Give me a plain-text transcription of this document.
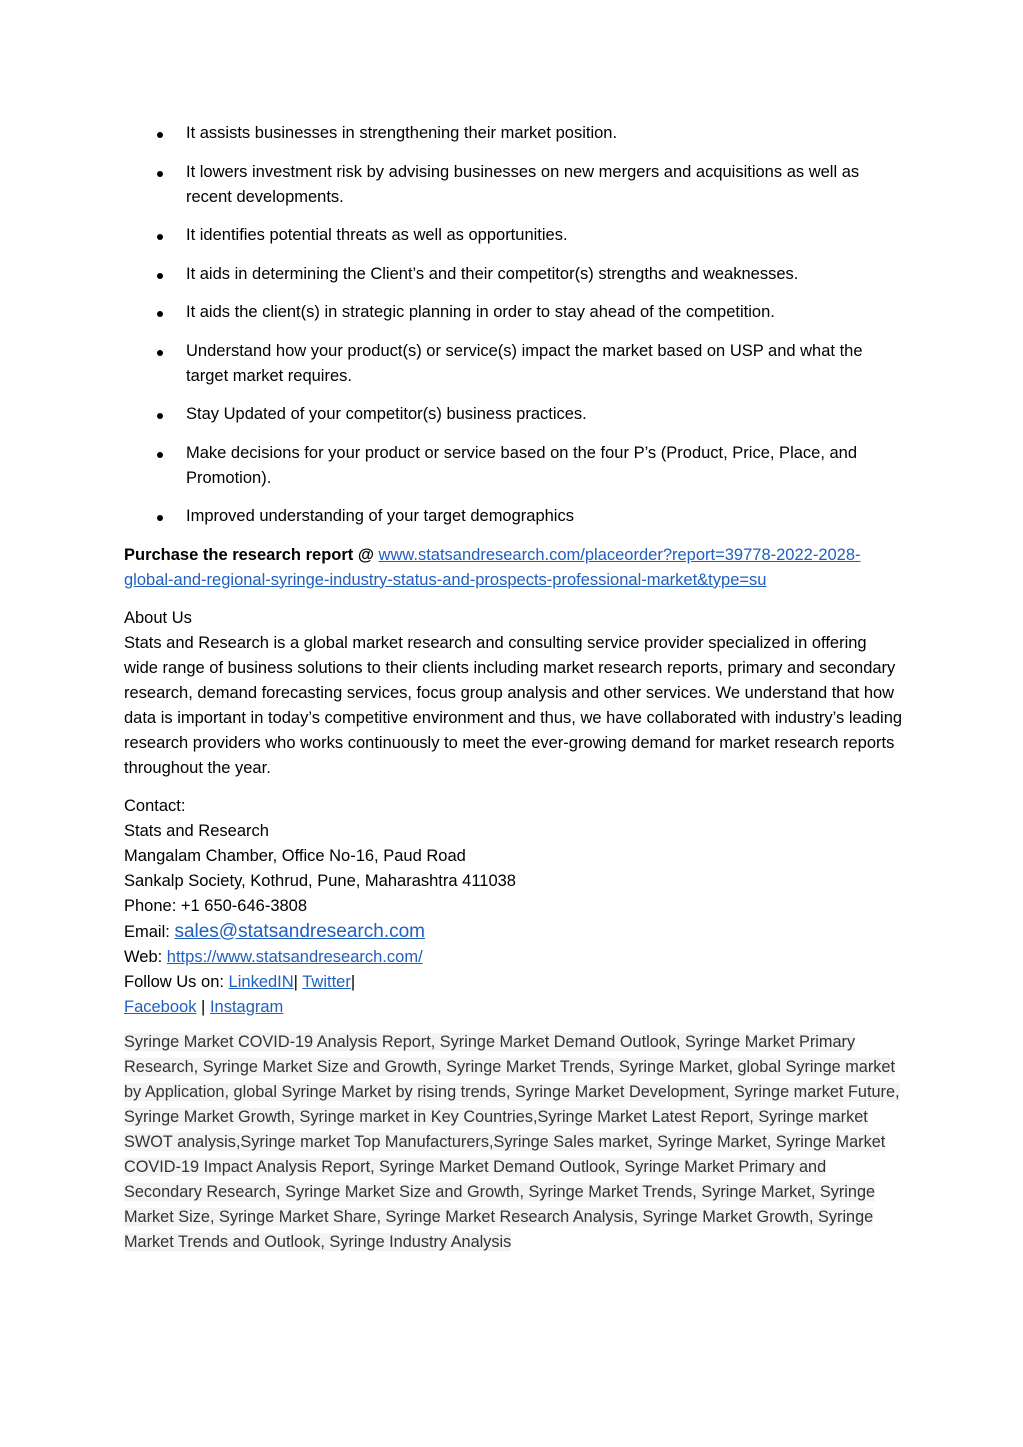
It assists businesses in strengthening their market position.
It lowers investment risk by advising businesses on new mergers and acquisitions as well as recent developments.
It identifies potential threats as well as opportunities.
It aids in determining the Client’s and their competitor(s) strengths and weaknesses.
It aids the client(s) in strategic planning in order to stay ahead of the competition.
Understand how your product(s) or service(s) impact the market based on USP and what the target market requires.
Stay Updated of your competitor(s) business practices.
Make decisions for your product or service based on the four P’s (Product, Price, Place, and Promotion).
Improved understanding of your target demographics

Purchase the research report @ www.statsandresearch.com/placeorder?report=39778-2022-2028-global-and-regional-syringe-industry-status-and-prospects-professional-market&type=su

About Us

Stats and Research is a global market research and consulting service provider specialized in offering wide range of business solutions to their clients including market research reports, primary and secondary research, demand forecasting services, focus group analysis and other services. We understand that how data is important in today’s competitive environment and thus, we have collaborated with industry’s leading research providers who works continuously to meet the ever-growing demand for market research reports throughout the year.

Contact:

Stats and Research

Mangalam Chamber, Office No-16, Paud Road

Sankalp Society, Kothrud, Pune, Maharashtra 411038

Phone: +1 650-646-3808

Email: sales@statsandresearch.com

Web: https://www.statsandresearch.com/

Follow Us on: LinkedIN| Twitter|

Facebook | Instagram

Syringe Market COVID-19 Analysis Report, Syringe Market Demand Outlook, Syringe Market Primary Research, Syringe Market Size and Growth, Syringe Market Trends, Syringe Market, global Syringe market by Application, global Syringe Market by rising trends, Syringe Market Development, Syringe market Future, Syringe Market Growth, Syringe market in Key Countries,Syringe Market Latest Report, Syringe market SWOT analysis,Syringe market Top Manufacturers,Syringe Sales market, Syringe Market, Syringe Market COVID-19 Impact Analysis Report, Syringe Market Demand Outlook, Syringe Market Primary and Secondary Research, Syringe Market Size and Growth, Syringe Market Trends, Syringe Market, Syringe Market Size, Syringe Market Share, Syringe Market Research Analysis, Syringe Market Growth, Syringe Market Trends and Outlook, Syringe Industry Analysis
